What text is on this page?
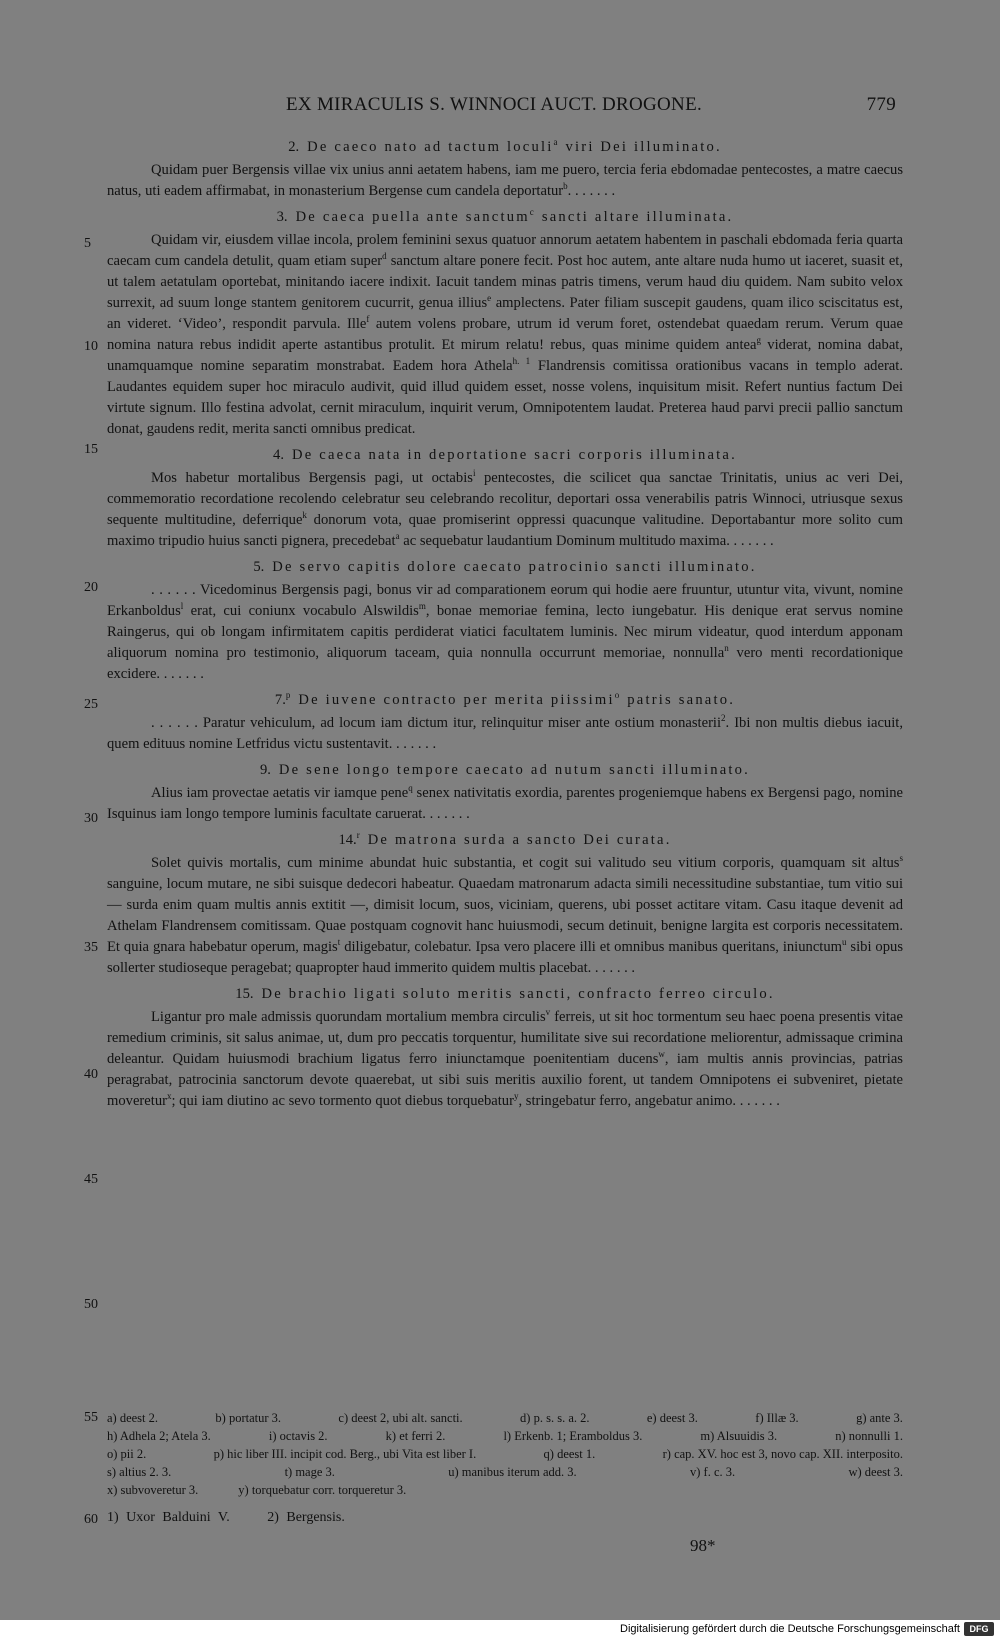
EX MIRACULIS S. WINNOCI AUCT. DROGONE.	779
5
10
15
20
25
30
35
40
45
50
55
60
2. De caeco nato ad tactum loculi$^a$ viri Dei illuminato.

Quidam puer Bergensis villae vix unius anni aetatem habens, iam me puero, tercia feria ebdomadae pentecostes, a matre caecus natus, uti eadem affirmabat, in monasterium Bergense cum candela deportatur$^b$. . . . . . .

3. De caeca puella ante sanctum$^c$ sancti altare illuminata.

Quidam vir, eiusdem villae incola, prolem feminini sexus quatuor annorum aetatem habentem in paschali ebdomada feria quarta caecam cum candela detulit, quam etiam super$^d$ sanctum altare ponere fecit. Post hoc autem, ante altare nuda humo ut iaceret, suasit et, ut talem aetatulam oportebat, minitando iacere indixit. Iacuit tandem minas patris timens, verum haud diu quidem. Nam subito velox surrexit, ad suum longe stantem genitorem cucurrit, genua illius$^e$ amplectens. Pater filiam suscepit gaudens, quam ilico sciscitatus est, an videret. ‘Video’, respondit parvula. Ille$^f$ autem volens probare, utrum id verum foret, ostendebat quaedam rerum. Verum quae nomina natura rebus indidit aperte astantibus protulit. Et mirum relatu! rebus, quas minime quidem antea$^g$ viderat, nomina dabat, unamquamque nomine separatim monstrabat. Eadem hora Athela$^{h. 1}$ Flandrensis comitissa orationibus vacans in templo aderat. Laudantes equidem super hoc miraculo audivit, quid illud quidem esset, nosse volens, inquisitum misit. Refert nuntius factum Dei virtute signum. Illo festina advolat, cernit miraculum, inquirit verum, Omnipotentem laudat. Preterea haud parvi precii pallio sanctum donat, gaudens redit, merita sancti omnibus predicat.

4. De caeca nata in deportatione sacri corporis illuminata.

Mos habetur mortalibus Bergensis pagi, ut octabis$^i$ pentecostes, die scilicet qua sanctae Trinitatis, unius ac veri Dei, commemoratio recordatione recolendo celebratur seu celebrando recolitur, deportari ossa venerabilis patris Winnoci, utriusque sexus sequente multitudine, deferrique$^k$ donorum vota, quae promiserint oppressi quacunque valitudine. Deportabantur more solito cum maximo tripudio huius sancti pignera, precedebat$^a$ ac sequebatur laudantium Dominum multitudo maxima. . . . . . .

5. De servo capitis dolore caecato patrocinio sancti illuminato.

. . . . . . Vicedominus Bergensis pagi, bonus vir ad comparationem eorum qui hodie aere fruuntur, utuntur vita, vivunt, nomine Erkanboldus$^l$ erat, cui coniunx vocabulo Alswildis$^m$, bonae memoriae femina, lecto iungebatur. His denique erat servus nomine Raingerus, qui ob longam infirmitatem capitis perdiderat viatici facultatem luminis. Nec mirum videatur, quod interdum apponam aliquorum nomina pro testimonio, aliquorum taceam, quia nonnulla occurrunt memoriae, nonnulla$^n$ vero menti recordationique excidere. . . . . . .

7.$^p$ De iuvene contracto per merita piissimi$^o$ patris sanato.

. . . . . . Paratur vehiculum, ad locum iam dictum itur, relinquitur miser ante ostium monasterii$^2$. Ibi non multis diebus iacuit, quem edituus nomine Letfridus victu sustentavit. . . . . . .

9. De sene longo tempore caecato ad nutum sancti illuminato.

Alius iam provectae aetatis vir iamque pene$^q$ senex nativitatis exordia, parentes progeniemque habens ex Bergensi pago, nomine Isquinus iam longo tempore luminis facultate caruerat. . . . . . .

14.$^r$ De matrona surda a sancto Dei curata.

Solet quivis mortalis, cum minime abundat huic substantia, et cogit sui valitudo seu vitium corporis, quamquam sit altus$^s$ sanguine, locum mutare, ne sibi suisque dedecori habeatur. Quaedam matronarum adacta simili necessitudine substantiae, tum vitio sui — surda enim quam multis annis extitit —, dimisit locum, suos, viciniam, querens, ubi posset actitare vitam. Casu itaque devenit ad Athelam Flandrensem comitissam. Quae postquam cognovit hanc huiusmodi, secum detinuit, benigne largita est corporis necessitatem. Et quia gnara habebatur operum, magis$^t$ diligebatur, colebatur. Ipsa vero placere illi et omnibus manibus queritans, iniunctum$^u$ sibi opus sollerter studioseque peragebat; quapropter haud immerito quidem multis placebat. . . . . . .

15. De brachio ligati soluto meritis sancti, confracto ferreo circulo.

Ligantur pro male admissis quorundam mortalium membra circulis$^v$ ferreis, ut sit hoc tormentum seu haec poena presentis vitae remedium criminis, sit salus animae, ut, dum pro peccatis torquentur, humilitate sive sui recordatione meliorentur, admissaque crimina deleantur. Quidam huiusmodi brachium ligatus ferro iniunctamque poenitentiam ducens$^w$, iam multis annis provincias, patrias peragrabat, patrocinia sanctorum devote quaerebat, ut sibi suis meritis auxilio forent, ut tandem Omnipotens ei subveniret, pietate moveretur$^x$; qui iam diutino ac sevo tormento quot diebus torquebatur$^y$, stringebatur ferro, angebatur animo. . . . . . .

a) deest 2.	b) portatur 3.	c) deest 2, ubi alt. sancti.	d) p. s. s. a. 2.	e) deest 3.	f) Illæ 3.	g) ante 3.
h) Adhela 2; Atela 3.	i) octavis 2.	k) et ferri 2.	l) Erkenb. 1; Eramboldus 3.	m) Alsuuidis 3.	n) nonnulli 1.
o) pii 2.	p) hic liber III. incipit cod. Berg., ubi Vita est liber I.	q) deest 1.	r) cap. XV. hoc est 3, novo cap. XII. interposito.
s) altius 2. 3.	t) mage 3.	u) manibus iterum add. 3.	v) f. c. 3.	w) deest 3.
x) subvoveretur 3.	y) torquebatur corr. torqueretur 3.
1) Uxor Balduini V.	2) Bergensis.
98*
Digitalisierung gefördert durch die Deutsche Forschungsgemeinschaft	DFG
